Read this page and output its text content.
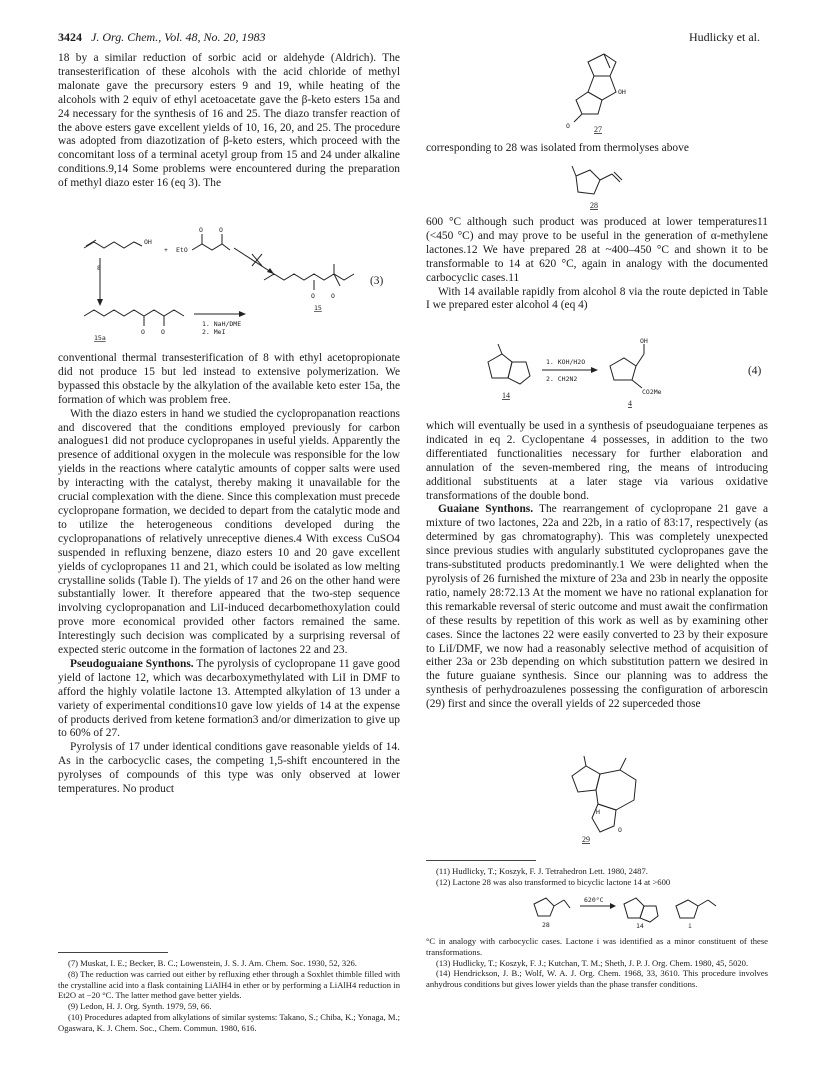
3424 J. Org. Chem., Vol. 48, No. 20, 1983	Hudlicky et al.

18 by a similar reduction of sorbic acid or aldehyde (Aldrich). The transesterification of these alcohols with the acid chloride of methyl malonate gave the precursory esters 9 and 19, while heating of the alcohols with 2 equiv of ethyl acetoacetate gave the β-keto esters 15a and 24 necessary for the synthesis of 16 and 25. The diazo transfer reaction of the above esters gave excellent yields of 10, 16, 20, and 25. The procedure was adopted from diazotization of β-keto esters, which proceed with the concomitant loss of a terminal acetyl group from 15 and 24 under alkaline conditions.9,14 Some problems were encountered during the preparation of methyl diazo ester 16 (eq 3). The

OH
+ EtO
O O
8
O O
15a
1. NaH/DME
2. MeI
O O
15
(3)

conventional thermal transesterification of 8 with ethyl acetopropionate did not produce 15 but led instead to extensive polymerization. We bypassed this obstacle by the alkylation of the available keto ester 15a, the formation of which was problem free.

With the diazo esters in hand we studied the cyclopropanation reactions and discovered that the conditions employed previously for carbon analogues1 did not produce cyclopropanes in useful yields. Apparently the presence of additional oxygen in the molecule was responsible for the low yields in the reactions where catalytic amounts of copper salts were used by interacting with the catalyst, thereby making it unavailable for the crucial complexation with the diene. Since this complexation must precede cyclopropane formation, we decided to depart from the catalytic mode and to utilize the heterogeneous conditions developed during the cyclopropanations of relatively unreceptive dienes.4 With excess CuSO4 suspended in refluxing benzene, diazo esters 10 and 20 gave excellent yields of cyclopropanes 11 and 21, which could be isolated as low melting crystalline solids (Table I). The yields of 17 and 26 on the other hand were substantially lower. It therefore appeared that the two-step sequence involving cyclopropanation and LiI-induced decarbomethoxylation could prove more economical provided other factors remained the same. Interestingly such decision was complicated by a surprising reversal of expected steric outcome in the formation of lactones 22 and 23.

Pseudoguaiane Synthons. The pyrolysis of cyclopropane 11 gave good yield of lactone 12, which was decarboxymethylated with LiI in DMF to afford the highly volatile lactone 13. Attempted alkylation of 13 under a variety of experimental conditions10 gave low yields of 14 at the expense of products derived from ketene formation3 and/or dimerization to give up to 60% of 27.

Pyrolysis of 17 under identical conditions gave reasonable yields of 14. As in the carbocyclic cases, the competing 1,5-shift encountered in the pyrolyses of compounds of this type was only observed at lower temperatures. No product

(7) Muskat, I. E.; Becker, B. C.; Lowenstein, J. S. J. Am. Chem. Soc. 1930, 52, 326.

(8) The reduction was carried out either by refluxing ether through a Soxhlet thimble filled with the crystalline acid into a flask containing LiAlH4 in ether or by performing a LiAlH4 reduction in Et2O at −20 °C. The latter method gave better yields.

(9) Ledon, H. J. Org. Synth. 1979, 59, 66.

(10) Procedures adapted from alkylations of similar systems: Takano, S.; Chiba, K.; Yonaga, M.; Ogaswara, K. J. Chem. Soc., Chem. Commun. 1980, 616.

OH
O	27

corresponding to 28 was isolated from thermolyses above

28

600 °C although such product was produced at lower temperatures11 (<450 °C) and may prove to be useful in the generation of α-methylene lactones.12 We have prepared 28 at ~400–450 °C and shown it to be transformable to 14 at 620 °C, again in analogy with the documented carbocyclic cases.11

With 14 available rapidly from alcohol 8 via the route depicted in Table I we prepared ester alcohol 4 (eq 4)

14
1. KOH/H2O
2. CH2N2
OH
CO2Me
4
(4)

which will eventually be used in a synthesis of pseudoguaiane terpenes as indicated in eq 2. Cyclopentane 4 possesses, in addition to the two differentiated functionalities necessary for further elaboration and annulation of the seven-membered ring, the means of introducing additional substituents at a later stage via various oxidative transformations of the double bond.

Guaiane Synthons. The rearrangement of cyclopropane 21 gave a mixture of two lactones, 22a and 22b, in a ratio of 83:17, respectively (as determined by gas chromatography). This was completely unexpected since previous studies with angularly substituted cyclopropanes gave the trans-substituted products predominantly.1 We were delighted when the pyrolysis of 26 furnished the mixture of 23a and 23b in nearly the opposite ratio, namely 28:72.13 At the moment we have no rational explanation for this remarkable reversal of steric outcome and must await the confirmation of these results by repetition of this work as well as by examining other cases. Since the lactones 22 were easily converted to 23 by their exposure to LiI/DMF, we now had a reasonably selective method of acquisition of either 23a or 23b depending on which substitution pattern we desired in the future guaiane synthesis. Since our planning was to address the synthesis of perhydroazulenes possessing the configuration of arborescin (29) first and since the overall yields of 22 superceded those

H
O
29

(11) Hudlicky, T.; Koszyk, F. J. Tetrahedron Lett. 1980, 2487.

(12) Lactone 28 was also transformed to bicyclic lactone 14 at >600

28
620°C
14	i

°C in analogy with carbocyclic cases. Lactone i was identified as a minor constituent of these transformations.

(13) Hudlicky, T.; Koszyk, F. J.; Kutchan, T. M.; Sheth, J. P. J. Org. Chem. 1980, 45, 5020.

(14) Hendrickson, J. B.; Wolf, W. A. J. Org. Chem. 1968, 33, 3610. This procedure involves anhydrous conditions but gives lower yields than the phase transfer conditions.
